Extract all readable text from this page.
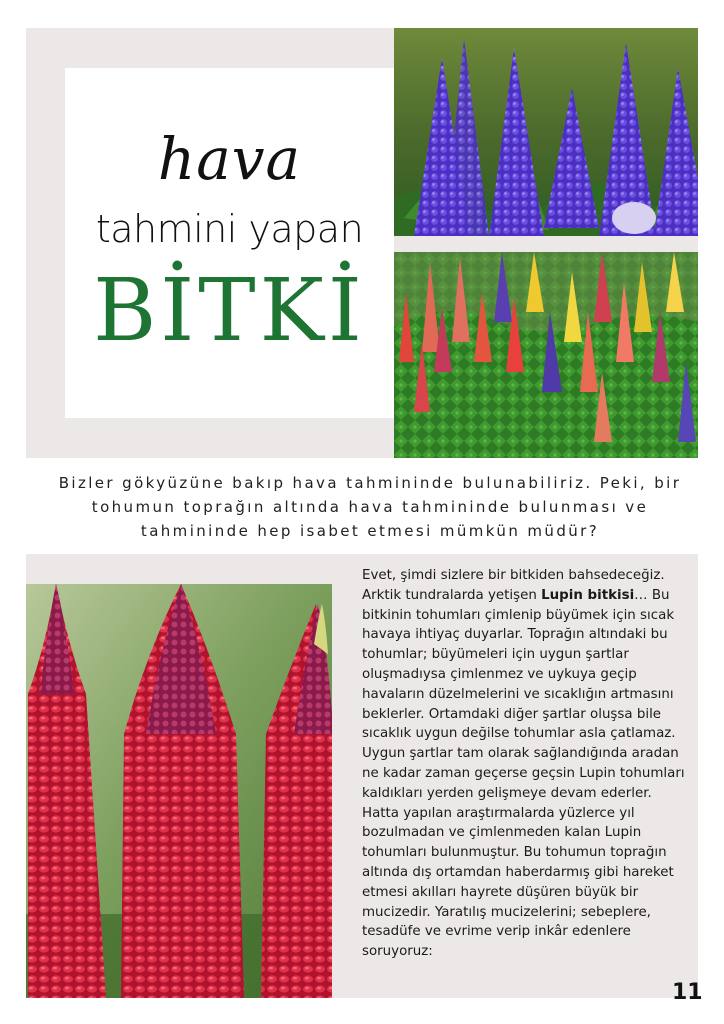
hava
tahmini yapan
BİTKİ

Bizler gökyüzüne bakıp hava tahmininde bulunabiliriz. Peki, bir tohumun toprağın altında hava tahmininde bulunması ve tahmininde hep isabet etmesi mümkün müdür?

Evet, şimdi sizlere bir bitkiden bahsedeceğiz. Arktik tundralarda yetişen Lupin bitkisi… Bu bitkinin tohumları çimlenip büyümek için sıcak havaya ihtiyaç duyarlar. Toprağın altındaki bu tohumlar; büyümeleri için uygun şartlar oluşmadıysa çimlenmez ve uykuya geçip havaların düzelmelerini ve sıcaklığın artmasını beklerler. Ortamdaki diğer şartlar oluşsa bile sıcaklık uygun değilse tohumlar asla çatlamaz. Uygun şartlar tam olarak sağlandığında aradan ne kadar zaman geçerse geçsin Lupin tohumları kaldıkları yerden gelişmeye devam ederler. Hatta yapılan araştırmalarda yüzlerce yıl bozulmadan ve çimlenmeden kalan Lupin tohumları bulunmuştur. Bu tohumun toprağın altında dış ortamdan haberdarmış gibi hareket etmesi akılları hayrete düşüren büyük bir mucizedir. Yaratılış mucizelerini; sebeplere, tesadüfe ve evrime verip inkâr edenlere soruyoruz:

11
